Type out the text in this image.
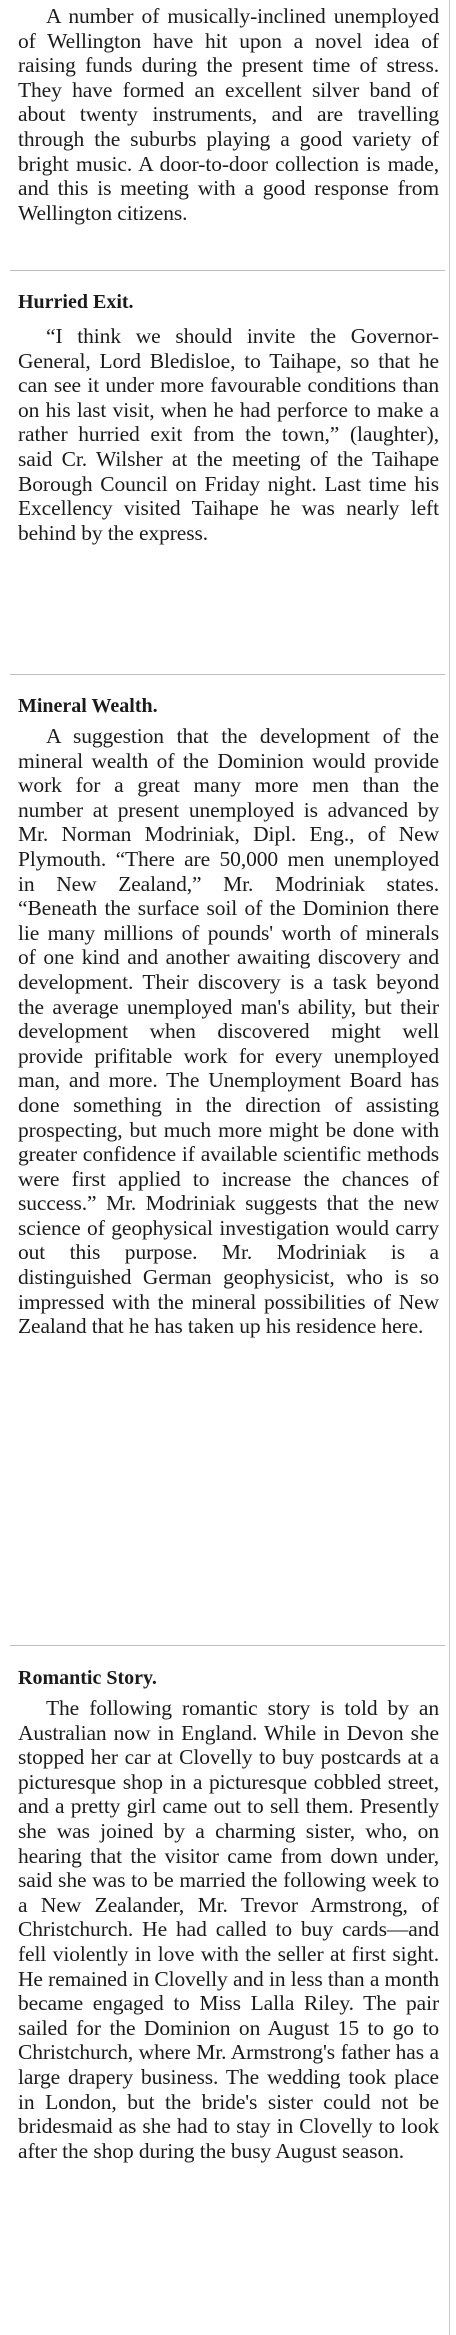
A number of musically-inclined unemployed of Wellington have hit upon a novel idea of raising funds during the present time of stress. They have formed an excellent silver band of about twenty instruments, and are travelling through the suburbs playing a good variety of bright music. A door-to-door collection is made, and this is meeting with a good response from Wellington citizens.

Hurried Exit.

“I think we should invite the Governor-General, Lord Bledisloe, to Taihape, so that he can see it under more favourable conditions than on his last visit, when he had perforce to make a rather hurried exit from the town,” (laughter), said Cr. Wilsher at the meeting of the Taihape Borough Council on Friday night. Last time his Excellency visited Taihape he was nearly left behind by the express.

Mineral Wealth.

A suggestion that the development of the mineral wealth of the Dominion would provide work for a great many more men than the number at present unemployed is advanced by Mr. Norman Modriniak, Dipl. Eng., of New Plymouth. “There are 50,000 men unemployed in New Zealand,” Mr. Modriniak states. “Beneath the surface soil of the Dominion there lie many millions of pounds' worth of minerals of one kind and another awaiting discovery and development. Their discovery is a task beyond the average unemployed man's ability, but their development when discovered might well provide prifitable work for every unemployed man, and more. The Unemployment Board has done something in the direction of assisting prospecting, but much more might be done with greater confidence if available scientific methods were first applied to increase the chances of success.” Mr. Modriniak suggests that the new science of geophysical investigation would carry out this purpose. Mr. Modriniak is a distinguished German geophysicist, who is so impressed with the mineral possibilities of New Zealand that he has taken up his residence here.

Romantic Story.

The following romantic story is told by an Australian now in England. While in Devon she stopped her car at Clovelly to buy postcards at a picturesque shop in a picturesque cobbled street, and a pretty girl came out to sell them. Presently she was joined by a charming sister, who, on hearing that the visitor came from down under, said she was to be married the following week to a New Zealander, Mr. Trevor Armstrong, of Christchurch. He had called to buy cards—and fell violently in love with the seller at first sight. He remained in Clovelly and in less than a month became engaged to Miss Lalla Riley. The pair sailed for the Dominion on August 15 to go to Christchurch, where Mr. Armstrong's father has a large drapery business. The wedding took place in London, but the bride's sister could not be bridesmaid as she had to stay in Clovelly to look after the shop during the busy August season.
